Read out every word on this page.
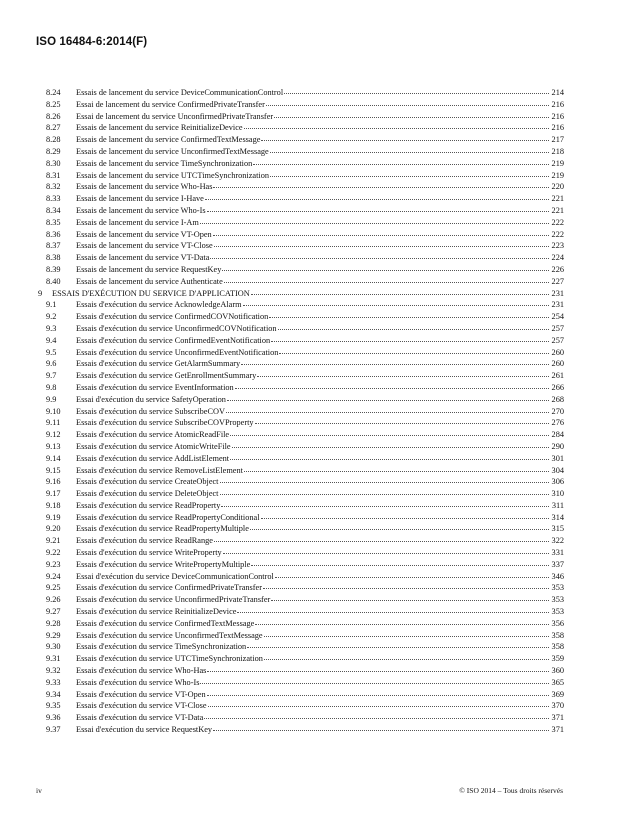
ISO 16484-6:2014(F)
8.24	Essais de lancement du service DeviceCommunicationControl	214
8.25	Essai de lancement du service ConfirmedPrivateTransfer	216
8.26	Essai de lancement du service UnconfirmedPrivateTransfer	216
8.27	Essais de lancement du service ReinitializeDevice	216
8.28	Essais de lancement du service ConfirmedTextMessage	217
8.29	Essais de lancement du service UnconfirmedTextMessage	218
8.30	Essais de lancement du service TimeSynchronization	219
8.31	Essais de lancement du service UTCTimeSynchronization	219
8.32	Essais de lancement du service Who-Has	220
8.33	Essais de lancement du service I-Have	221
8.34	Essais de lancement du service Who-Is	221
8.35	Essais de lancement du service I-Am	222
8.36	Essais de lancement du service VT-Open	222
8.37	Essais de lancement du service VT-Close	223
8.38	Essais de lancement du service VT-Data	224
8.39	Essais de lancement du service RequestKey	226
8.40	Essais de lancement du service Authenticate	227
9	ESSAIS D'EXÉCUTION DU SERVICE D'APPLICATION	231
9.1	Essais d'exécution du service AcknowledgeAlarm	231
9.2	Essais d'exécution du service ConfirmedCOVNotification	254
9.3	Essais d'exécution du service UnconfirmedCOVNotification	257
9.4	Essais d'exécution du service ConfirmedEventNotification	257
9.5	Essais d'exécution du service UnconfirmedEventNotification	260
9.6	Essais d'exécution du service GetAlarmSummary	260
9.7	Essais d'exécution du service GetEnrollmentSummary	261
9.8	Essais d'exécution du service EventInformation	266
9.9	Essai d'exécution du service SafetyOperation	268
9.10	Essais d'exécution du service SubscribeCOV	270
9.11	Essais d'exécution du service SubscribeCOVProperty	276
9.12	Essais d'exécution du service AtomicReadFile	284
9.13	Essais d'exécution du service AtomicWriteFile	290
9.14	Essais d'exécution du service AddListElement	301
9.15	Essais d'exécution du service RemoveListElement	304
9.16	Essais d'exécution du service CreateObject	306
9.17	Essais d'exécution du service DeleteObject	310
9.18	Essais d'exécution du service ReadProperty	311
9.19	Essais d'exécution du service ReadPropertyConditional	314
9.20	Essais d'exécution du service ReadPropertyMultiple	315
9.21	Essais d'exécution du service ReadRange	322
9.22	Essais d'exécution du service WriteProperty	331
9.23	Essais d'exécution du service WritePropertyMultiple	337
9.24	Essai d'exécution du service DeviceCommunicationControl	346
9.25	Essais d'exécution du service ConfirmedPrivateTransfer	353
9.26	Essais d'exécution du service UnconfirmedPrivateTransfer	353
9.27	Essais d'exécution du service ReinitializeDevice	353
9.28	Essais d'exécution du service ConfirmedTextMessage	356
9.29	Essais d'exécution du service UnconfirmedTextMessage	358
9.30	Essais d'exécution du service TimeSynchronization	358
9.31	Essais d'exécution du service UTCTimeSynchronization	359
9.32	Essais d'exécution du service Who-Has	360
9.33	Essais d'exécution du service Who-Is	365
9.34	Essais d'exécution du service VT-Open	369
9.35	Essais d'exécution du service VT-Close	370
9.36	Essais d'exécution du service VT-Data	371
9.37	Essai d'exécution du service RequestKey	371
iv	© ISO 2014 – Tous droits réservés
